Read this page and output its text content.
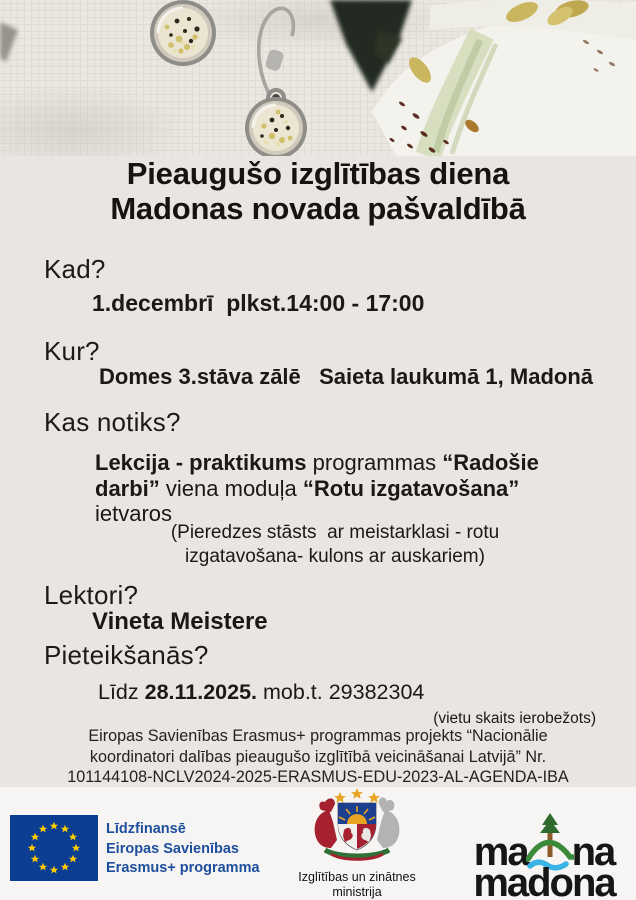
Pieaugušo izglītības diena
Madonas novada pašvaldībā
Kad?
1.decembrī  plkst.14:00 - 17:00
Kur?
Domes 3.stāva zālē   Saieta laukumā 1, Madonā
Kas notiks?
Lekcija - praktikums programmas “Radošie
darbi” viena moduļa “Rotu izgatavošana”
ietvaros
(Pieredzes stāsts  ar meistarklasi - rotu
izgatavošana- kulons ar auskariem)
Lektori?
Vineta Meistere
Pieteikšanās?
Līdz 28.11.2025. mob.t. 29382304
(vietu skaits ierobežots)
Eiropas Savienības Erasmus+ programmas projekts “Nacionālie
koordinatori dalības pieaugušo izglītībā veicināšanai Latvijā” Nr.
101144108-NCLV2024-2025-ERASMUS-EDU-2023-AL-AGENDA-IBA
Līdzfinansē
Eiropas Savienības
Erasmus+ programma
Izglītības un zinātnes
ministrija
ma na
madona
